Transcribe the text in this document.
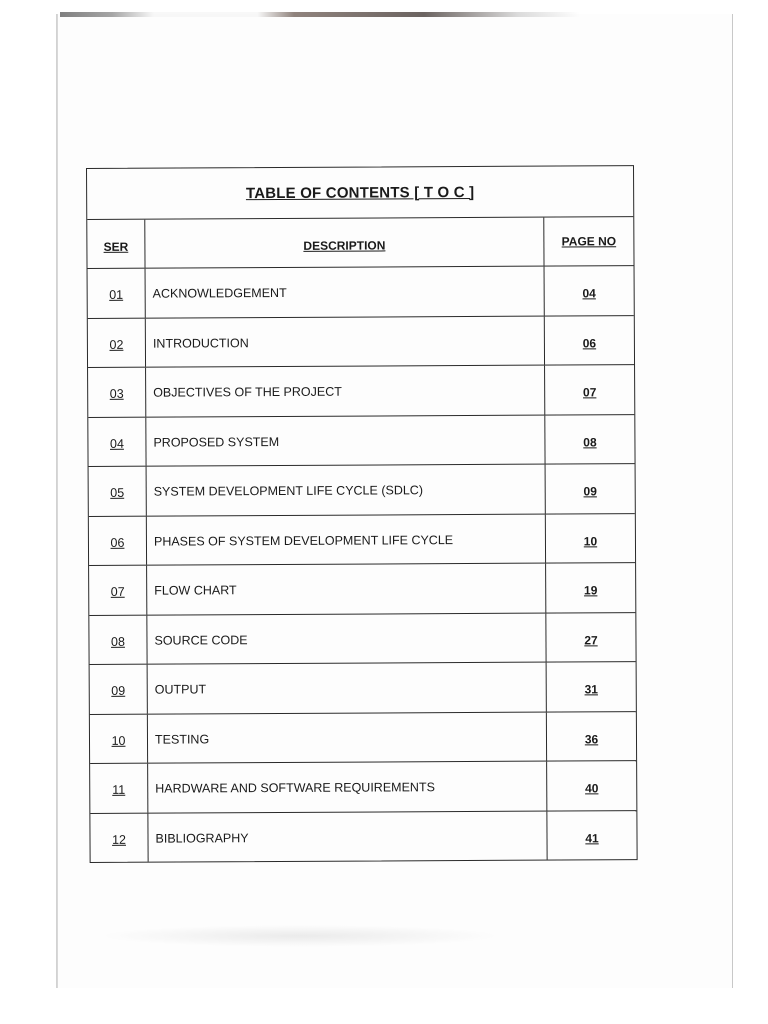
TABLE OF CONTENTS [ T O C ]
SER	DESCRIPTION	PAGE NO
01	ACKNOWLEDGEMENT	04
02	INTRODUCTION	06
03	OBJECTIVES OF THE PROJECT	07
04	PROPOSED SYSTEM	08
05	SYSTEM DEVELOPMENT LIFE CYCLE (SDLC)	09
06	PHASES OF SYSTEM DEVELOPMENT LIFE CYCLE	10
07	FLOW CHART	19
08	SOURCE CODE	27
09	OUTPUT	31
10	TESTING	36
11	HARDWARE AND SOFTWARE REQUIREMENTS	40
12	BIBLIOGRAPHY	41
